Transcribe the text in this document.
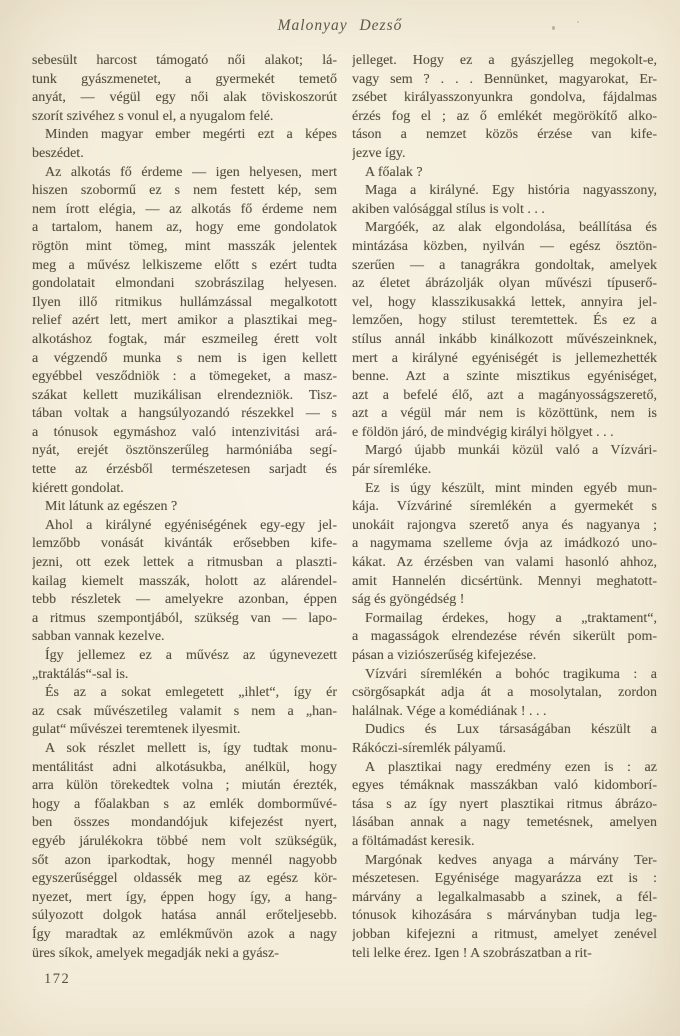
Malonyay Dezső
sebesült harcost támogató női alakot; lá-
tunk gyászmenetet, a gyermekét temető
anyát, — végül egy női alak töviskoszorút
szorít szivéhez s vonul el, a nyugalom felé.
Minden magyar ember megérti ezt a képes
beszédet.
Az alkotás fő érdeme — igen helyesen, mert
hiszen szobormű ez s nem festett kép, sem
nem írott elégia, — az alkotás fő érdeme nem
a tartalom, hanem az, hogy eme gondolatok
rögtön mint tömeg, mint masszák jelentek
meg a művész lelkiszeme előtt s ezért tudta
gondolatait elmondani szobrászilag helyesen.
Ilyen illő ritmikus hullámzással megalkotott
relief azért lett, mert amikor a plasztikai meg-
alkotáshoz fogtak, már eszmeileg érett volt
a végzendő munka s nem is igen kellett
egyébbel vesződniök : a tömegeket, a masz-
szákat kellett muzikálisan elrendezniök. Tisz-
tában voltak a hangsúlyozandó részekkel — s
a tónusok egymáshoz való intenzivitási ará-
nyát, erejét ösztönszerűleg harmóniába segí-
tette az érzésből természetesen sarjadt és
kiérett gondolat.
Mit látunk az egészen ?
Ahol a királyné egyéniségének egy-egy jel-
lemzőbb vonását kivánták erősebben kife-
jezni, ott ezek lettek a ritmusban a plaszti-
kailag kiemelt masszák, holott az alárendel-
tebb részletek — amelyekre azonban, éppen
a ritmus szempontjából, szükség van — lapo-
sabban vannak kezelve.
Így jellemez ez a művész az úgynevezett
„traktálás“-sal is.
És az a sokat emlegetett „ihlet“, így ér
az csak művészetileg valamit s nem a „han-
gulat“ művészei teremtenek ilyesmit.
A sok részlet mellett is, így tudtak monu-
mentálitást adni alkotásukba, anélkül, hogy
arra külön törekedtek volna ; miután érezték,
hogy a főalakban s az emlék domborművé-
ben összes mondandójuk kifejezést nyert,
egyéb járulékokra többé nem volt szükségük,
sőt azon iparkodtak, hogy mennél nagyobb
egyszerűséggel oldassék meg az egész kör-
nyezet, mert így, éppen hogy így, a hang-
súlyozott dolgok hatása annál erőteljesebb.
Így maradtak az emlékművön azok a nagy
üres síkok, amelyek megadják neki a gyász-
jelleget. Hogy ez a gyászjelleg megokolt-e,
vagy sem ? . . . Bennünket, magyarokat, Er-
zsébet királyasszonyunkra gondolva, fájdalmas
érzés fog el ; az ő emlékét megörökítő alko-
táson a nemzet közös érzése van kife-
jezve így.
A főalak ?
Maga a királyné. Egy história nagyasszony,
akiben valósággal stílus is volt . . .
Margóék, az alak elgondolása, beállítása és
mintázása közben, nyilván — egész ösztön-
szerűen — a tanagrákra gondoltak, amelyek
az életet ábrázolják olyan művészi típuserő-
vel, hogy klasszikusakká lettek, annyira jel-
lemzően, hogy stilust teremtettek. És ez a
stílus annál inkább kinálkozott művészeinknek,
mert a királyné egyéniségét is jellemezhették
benne. Azt a szinte misztikus egyéniséget,
azt a befelé élő, azt a magányosságszerető,
azt a végül már nem is közöttünk, nem is
e földön járó, de mindvégig királyi hölgyet . . .
Margó újabb munkái közül való a Vízvári-
pár síremléke.
Ez is úgy készült, mint minden egyéb mun-
kája. Vízváriné síremlékén a gyermekét s
unokáit rajongva szerető anya és nagyanya ;
a nagymama szelleme óvja az imádkozó uno-
kákat. Az érzésben van valami hasonló ahhoz,
amit Hannelén dicsértünk. Mennyi meghatott-
ság és gyöngédség !
Formailag érdekes, hogy a „traktament“,
a magasságok elrendezése révén sikerült pom-
pásan a viziószerűség kifejezése.
Vízvári síremlékén a bohóc tragikuma : a
csörgősapkát adja át a mosolytalan, zordon
halálnak. Vége a komédiának ! . . .
Dudics és Lux társaságában készült a
Rákóczi-síremlék pályamű.
A plasztikai nagy eredmény ezen is : az
egyes témáknak masszákban való kidomborí-
tása s az így nyert plasztikai ritmus ábrázo-
lásában annak a nagy temetésnek, amelyen
a föltámadást keresik.
Margónak kedves anyaga a márvány Ter-
mészetesen. Egyénisége magyarázza ezt is :
márvány a legalkalmasabb a szinek, a fél-
tónusok kihozására s márványban tudja leg-
jobban kifejezni a ritmust, amelyet zenével
teli lelke érez. Igen ! A szobrászatban a rit-
172
